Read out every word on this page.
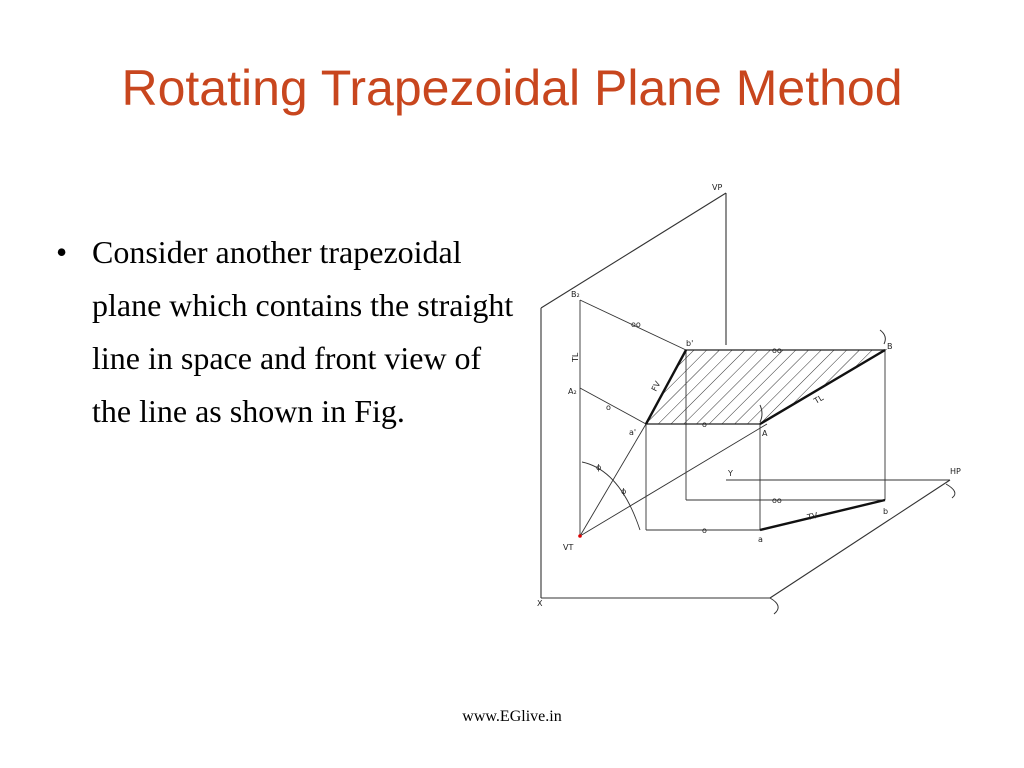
Rotating Trapezoidal Plane Method
• Consider another trapezoidal plane which contains the straight line in space and front view of the line as shown in Fig.
VP
HP
X
Y
VT
B₂
A₂
b'
a'
B
A
a
b
TL
TL
FV
TV
ϕ
ϕ
oo
oo
oo
o
o
o
www.EGlive.in
